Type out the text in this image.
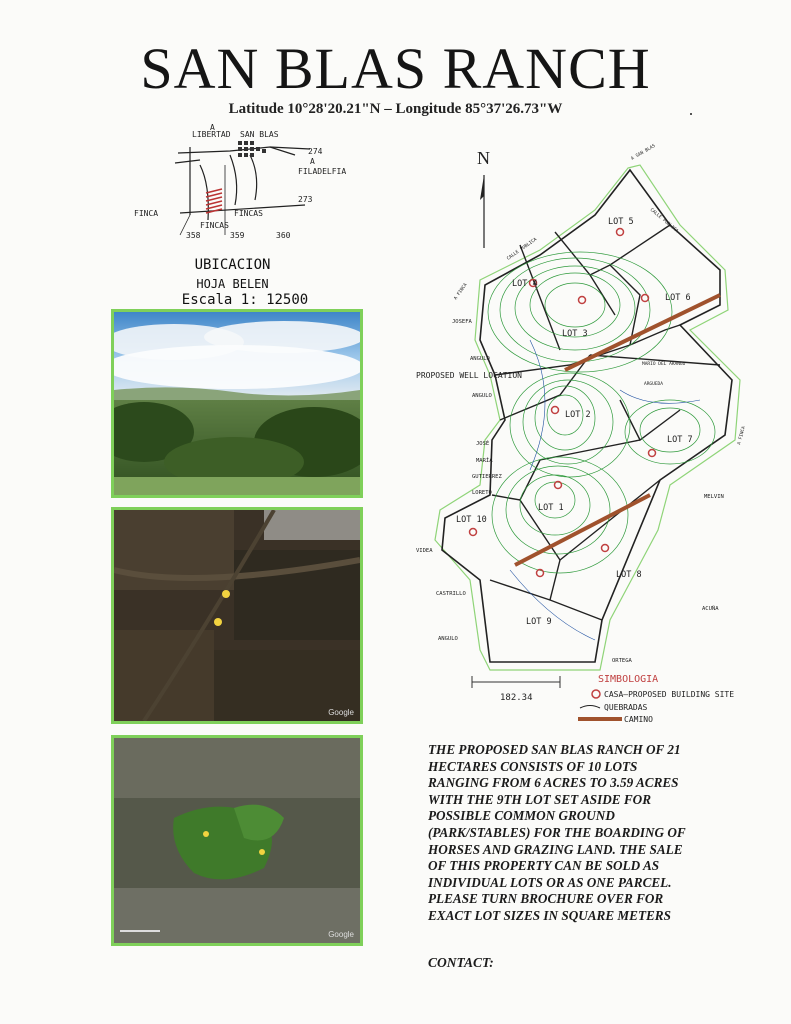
SAN BLAS RANCH
Latitude 10°28'20.21"N – Longitude 85°37'26.73"W
A
LIBERTAD SAN BLAS
274
A
FILADELFIA
273
FINCA
FINCAS
FINCAS
358	359	360
UBICACION
HOJA BELEN
Escala 1: 12500
Google
Google
N
LOT 5
LOT 4
LOT 3
LOT 6
LOT 2
LOT 7
LOT 1
LOT 10
LOT 8
LOT 9
PROPOSED WELL LOCATION
JOSEFA
ANGULO
ANGULO
JOSÉ
MARÍA
GUTIERREZ
LORETO
VIDEA
CASTRILLO
ANGULO
ORTEGA
ACUÑA
MELVIN
MARIO DEL ARANGO
ARGUEDA
A SAN BLAS
A FINCA
A FINCA
CALLE PUBLICA
CALLE PUBLICA
182.34
SIMBOLOGIA
CASA–PROPOSED BUILDING SITE
QUEBRADAS
CAMINO
THE PROPOSED SAN BLAS RANCH OF 21
HECTARES CONSISTS OF 10 LOTS
RANGING FROM 6 ACRES TO 3.59 ACRES
WITH THE 9TH LOT SET ASIDE FOR
POSSIBLE COMMON GROUND
(PARK/STABLES) FOR THE BOARDING OF
HORSES AND GRAZING LAND. THE SALE
OF THIS PROPERTY CAN BE SOLD AS
INDIVIDUAL LOTS OR AS ONE PARCEL.
PLEASE TURN BROCHURE OVER FOR
EXACT LOT SIZES IN SQUARE METERS
CONTACT:
